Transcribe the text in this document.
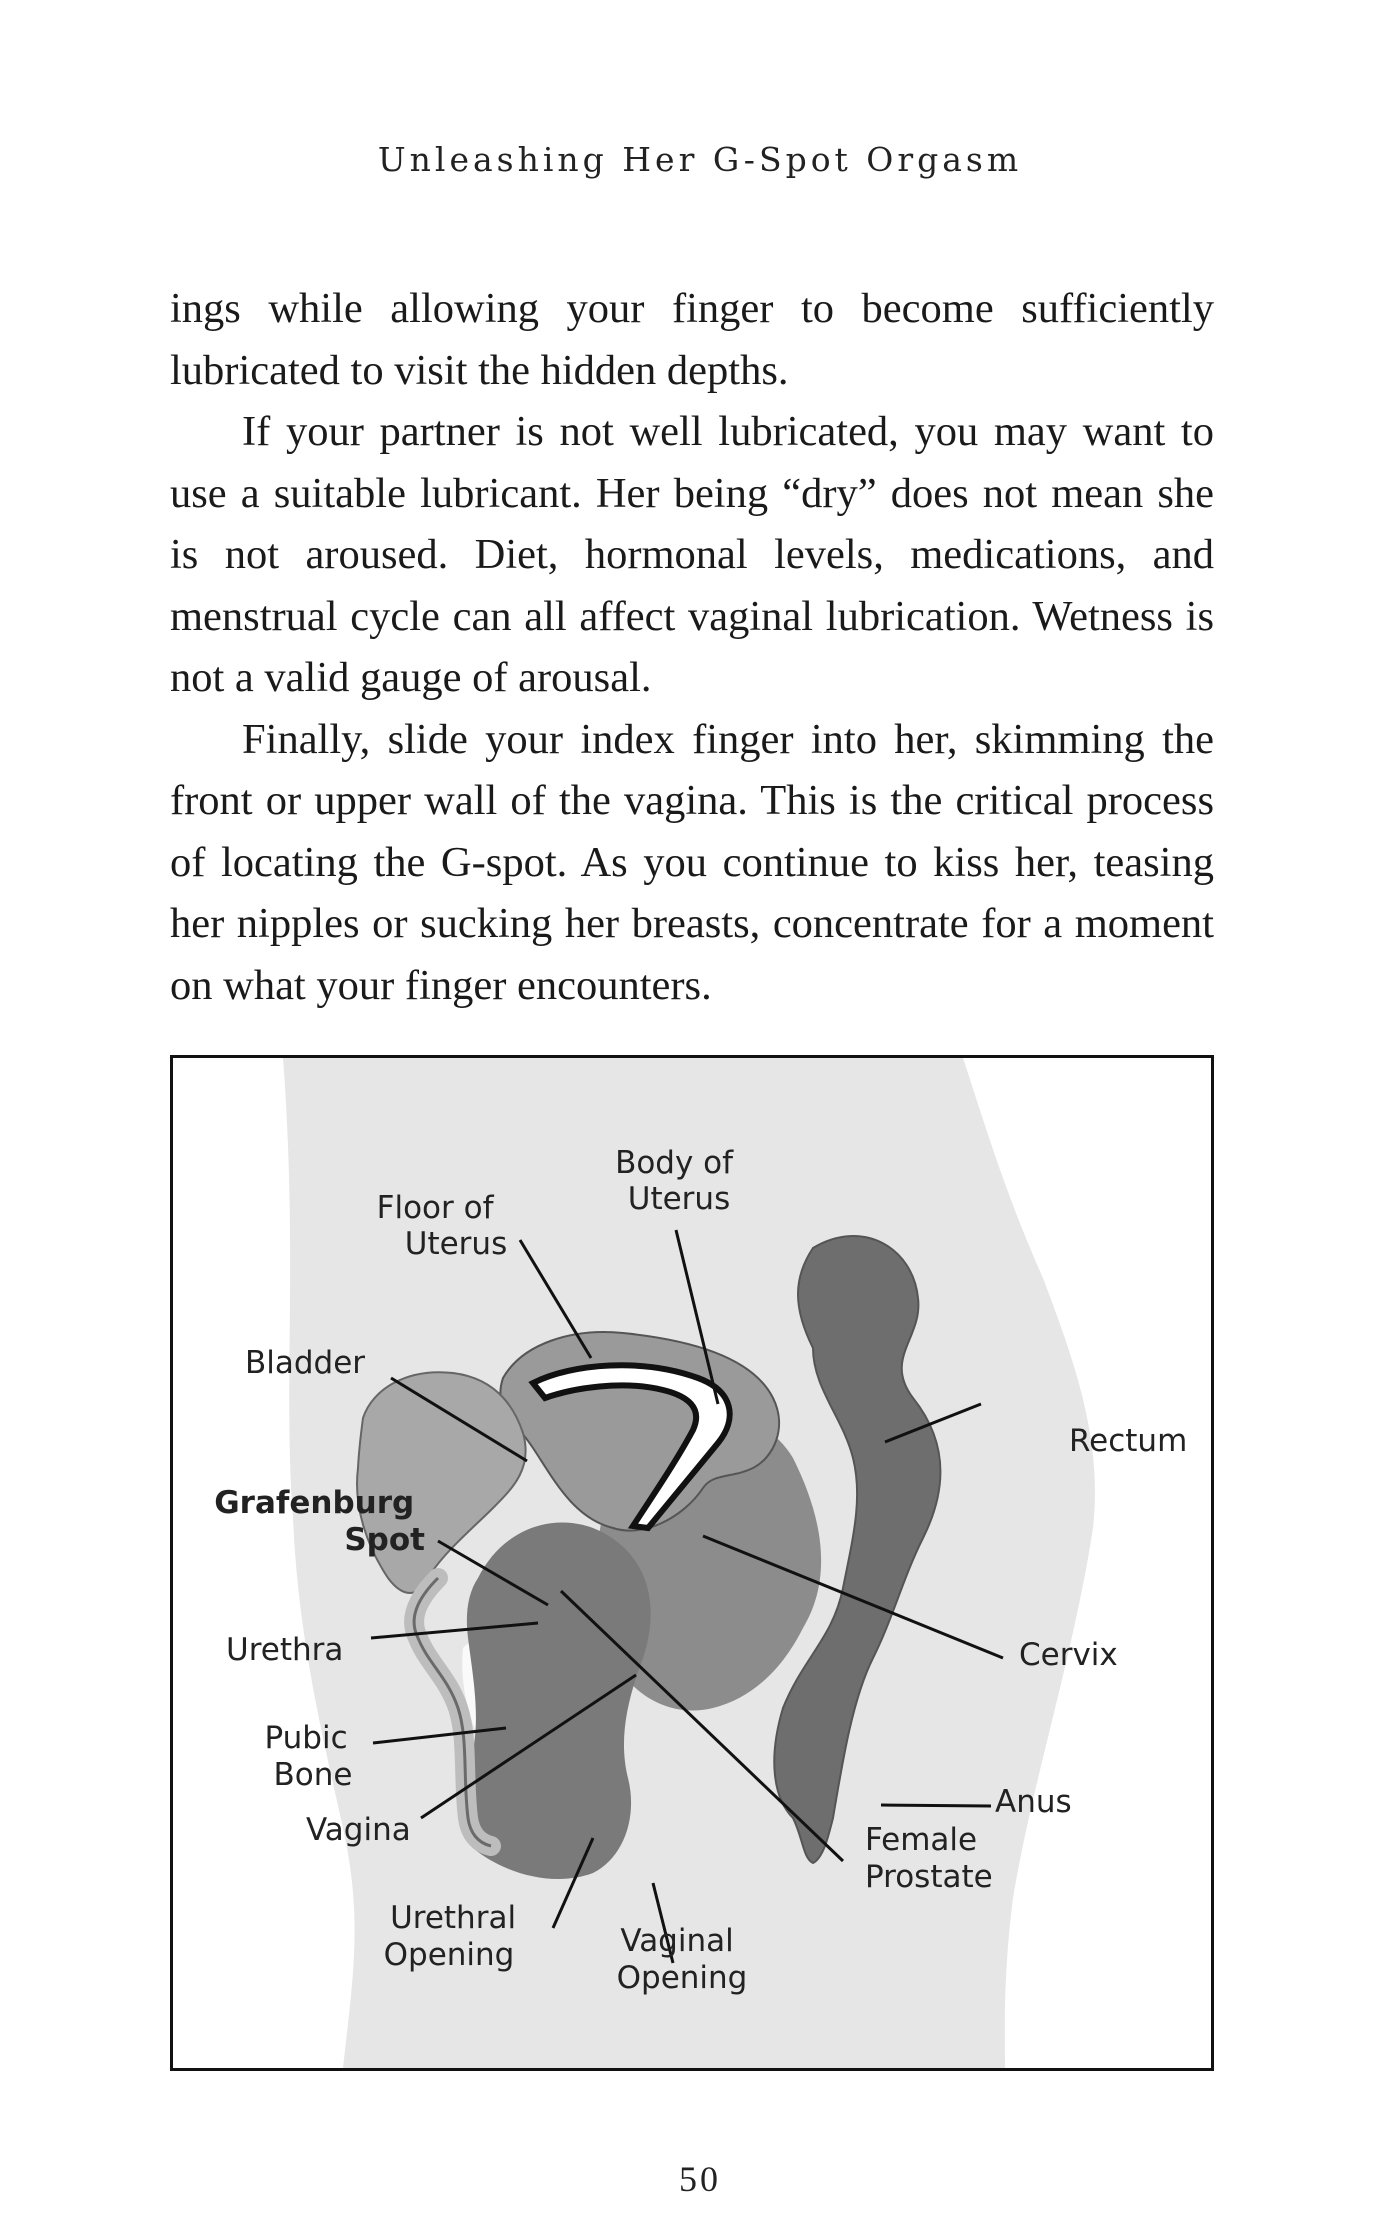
Unleashing Her G-Spot Orgasm

ings while allowing your finger to become sufficiently lubricated to visit the hidden depths.

If your partner is not well lubricated, you may want to use a suitable lubricant. Her being “dry” does not mean she is not aroused. Diet, hormonal levels, medications, and menstrual cycle can all affect vaginal lubrication. Wetness is not a valid gauge of arousal.

Finally, slide your index finger into her, skimming the front or upper wall of the vagina. This is the critical process of locating the G-spot. As you continue to kiss her, teasing her nipples or sucking her breasts, concentrate for a moment on what your finger encounters.

Floor of Uterus
Body of Uterus
Bladder
Rectum
Grafenburg Spot
Urethra	Cervix
Pubic Bone
Anus
Vagina	Female Prostate
Urethral Opening	Vaginal Opening
50
